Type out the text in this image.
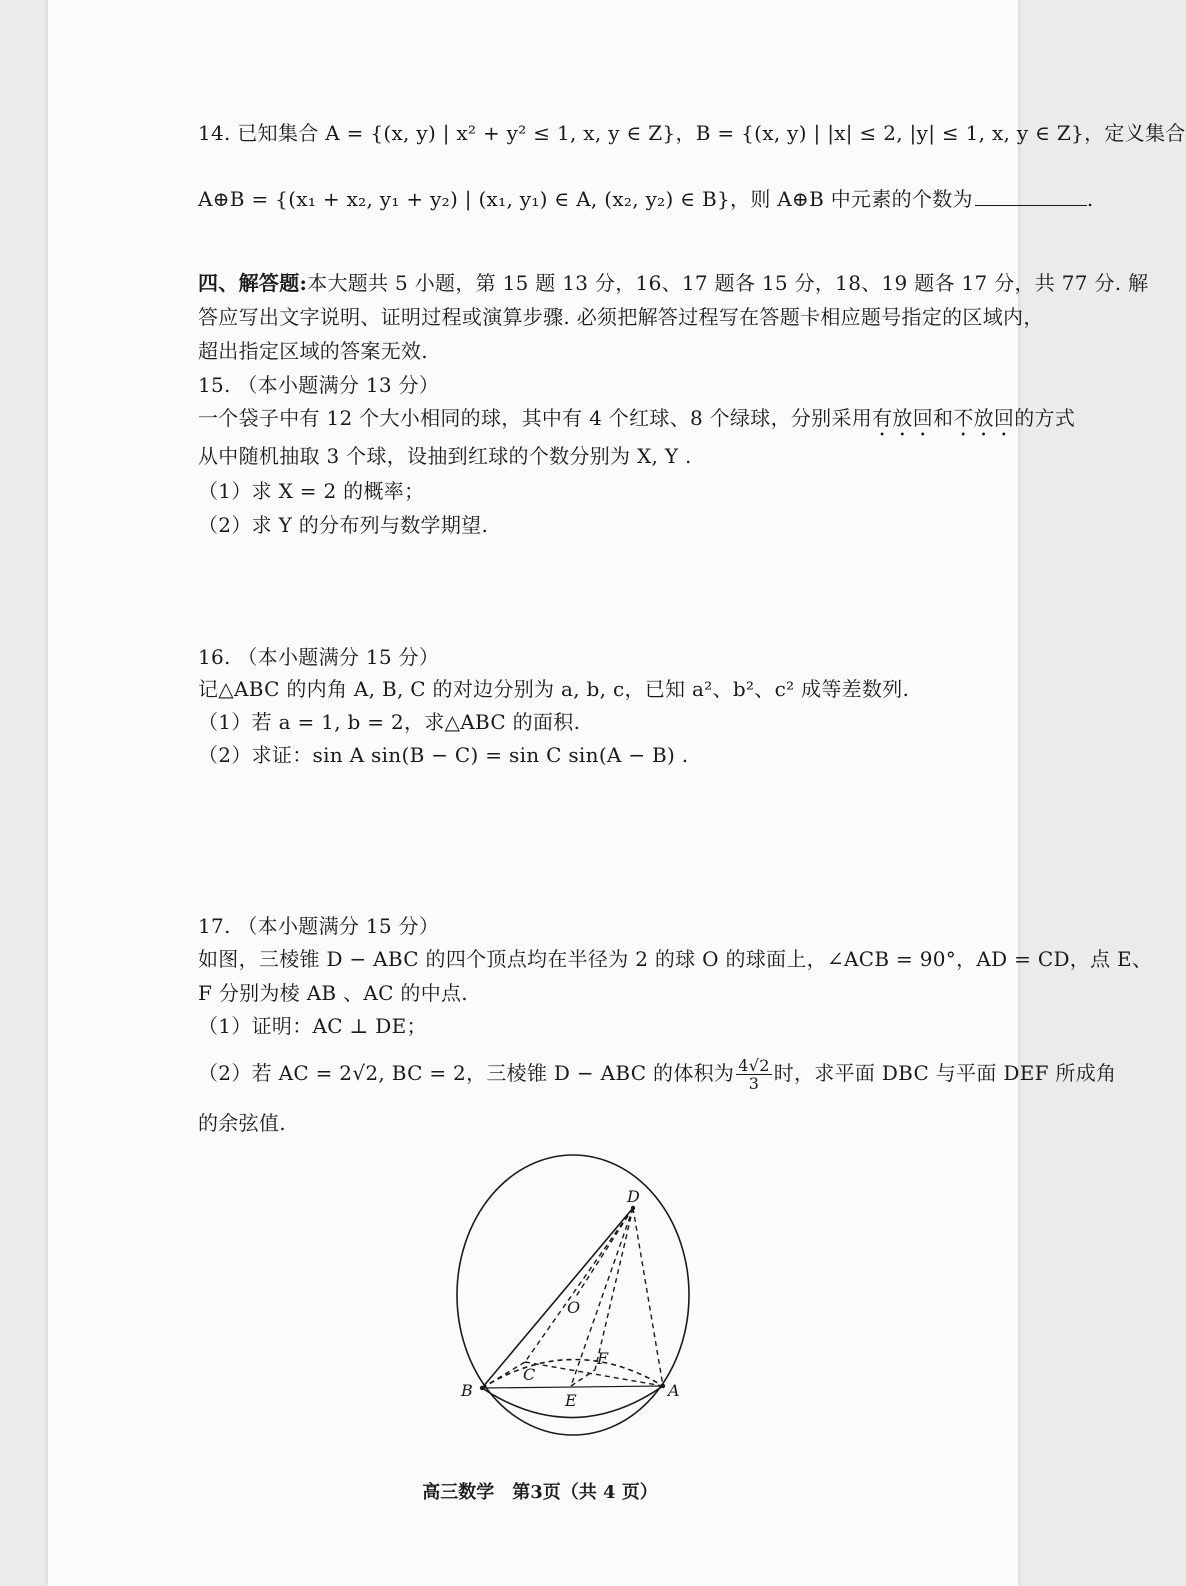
14. 已知集合 A = {(x, y) | x² + y² ≤ 1, x, y ∈ Z}，B = {(x, y) | |x| ≤ 2, |y| ≤ 1, x, y ∈ Z}，定义集合
A⊕B = {(x₁ + x₂, y₁ + y₂) | (x₁, y₁) ∈ A, (x₂, y₂) ∈ B}，则 A⊕B 中元素的个数为	.
四、解答题:本大题共 5 小题，第 15 题 13 分，16、17 题各 15 分，18、19 题各 17 分，共 77 分. 解
答应写出文字说明、证明过程或演算步骤. 必须把解答过程写在答题卡相应题号指定的区域内，
超出指定区域的答案无效.
15. （本小题满分 13 分）
一个袋子中有 12 个大小相同的球，其中有 4 个红球、8 个绿球，分别采用有放回和不放回的方式
从中随机抽取 3 个球，设抽到红球的个数分别为 X, Y .
（1）求 X = 2 的概率；
（2）求 Y 的分布列与数学期望.
16. （本小题满分 15 分）
记△ABC 的内角 A, B, C 的对边分别为 a, b, c，已知 a²、b²、c² 成等差数列.
（1）若 a = 1, b = 2，求△ABC 的面积.
（2）求证：sin A sin(B − C) = sin C sin(A − B) .
17. （本小题满分 15 分）
如图，三棱锥 D − ABC 的四个顶点均在半径为 2 的球 O 的球面上，∠ACB = 90°，AD = CD，点 E、
F 分别为棱 AB 、AC 的中点.
（1）证明：AC ⊥ DE；
（2）若 AC = 2√2, BC = 2，三棱锥 D − ABC 的体积为 $\frac{4√2}{3}$ 时，求平面 DBC 与平面 DEF 所成角
的余弦值.
D
O
C
F
B
E
A
高三数学　第3页（共 4 页）
